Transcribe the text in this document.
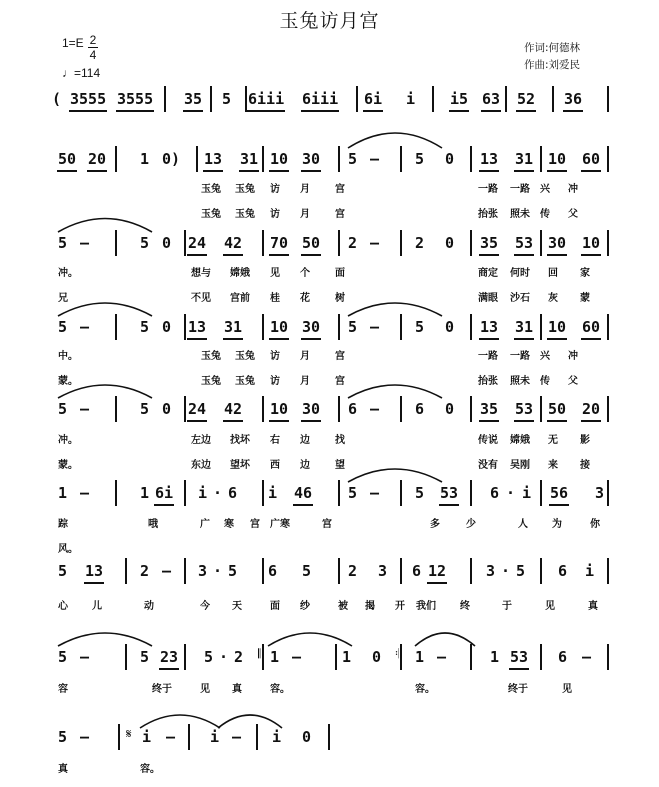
玉兔访月宫
1=E 2
4
♩=114
作词:何德林
作曲:刘爱民
( 3555 3555 35 5 6iii 6iii 6i i i5 63 52 36
50 20 1 0) 13 31 10 30 5 – 5 0 13 31 10 60
5 –	5 0 24 42 70 50 2 – 2 0 35 53 30 10
5 –	5 0 13 31 10 30 5 – 5 0 13 31 10 60
5 –	5 0 24 42 10 30 6 – 6 0 35 53 50 20
1 –	1 6i i · 6 i 46 5 – 5 53 6 · i 56 3
5 13 2 – 3 · 5 6 5 2 3 6 12	3 · 5 6 i
5 –	5 23 5 · 2 1 –	1 0 1 –	1 53 6 –
5 –	i – i – i 0
𝄆	𝄇
𝄋
玉兔 玉兔 访 月	宫	一路 一路 兴 冲
玉兔 玉兔 访 月	宫	抬张 照未 传 父
冲。	想与 嫦娥 见 个	面	商定 何时 回 家
兄	不见 宫前 桂 花	树	满眼 沙石 灰 蒙
中。	玉兔 玉兔 访 月	宫	一路 一路 兴 冲
蒙。	玉兔 玉兔 访 月	宫	抬张 照未 传 父
冲。	左边 找坏 右 边	找	传说 嫦娥 无 影
蒙。	东边 望坏 西 边	望	没有 吴刚 来 接
踪	哦	广 寒 宫 广寒	宫	多	少	人 为	你
风。
心 儿	动	今 天	面 纱	被 揭 开 我们 终	于	见	真
容	终于	见 真	容。	容。	终于	见
真	容。
